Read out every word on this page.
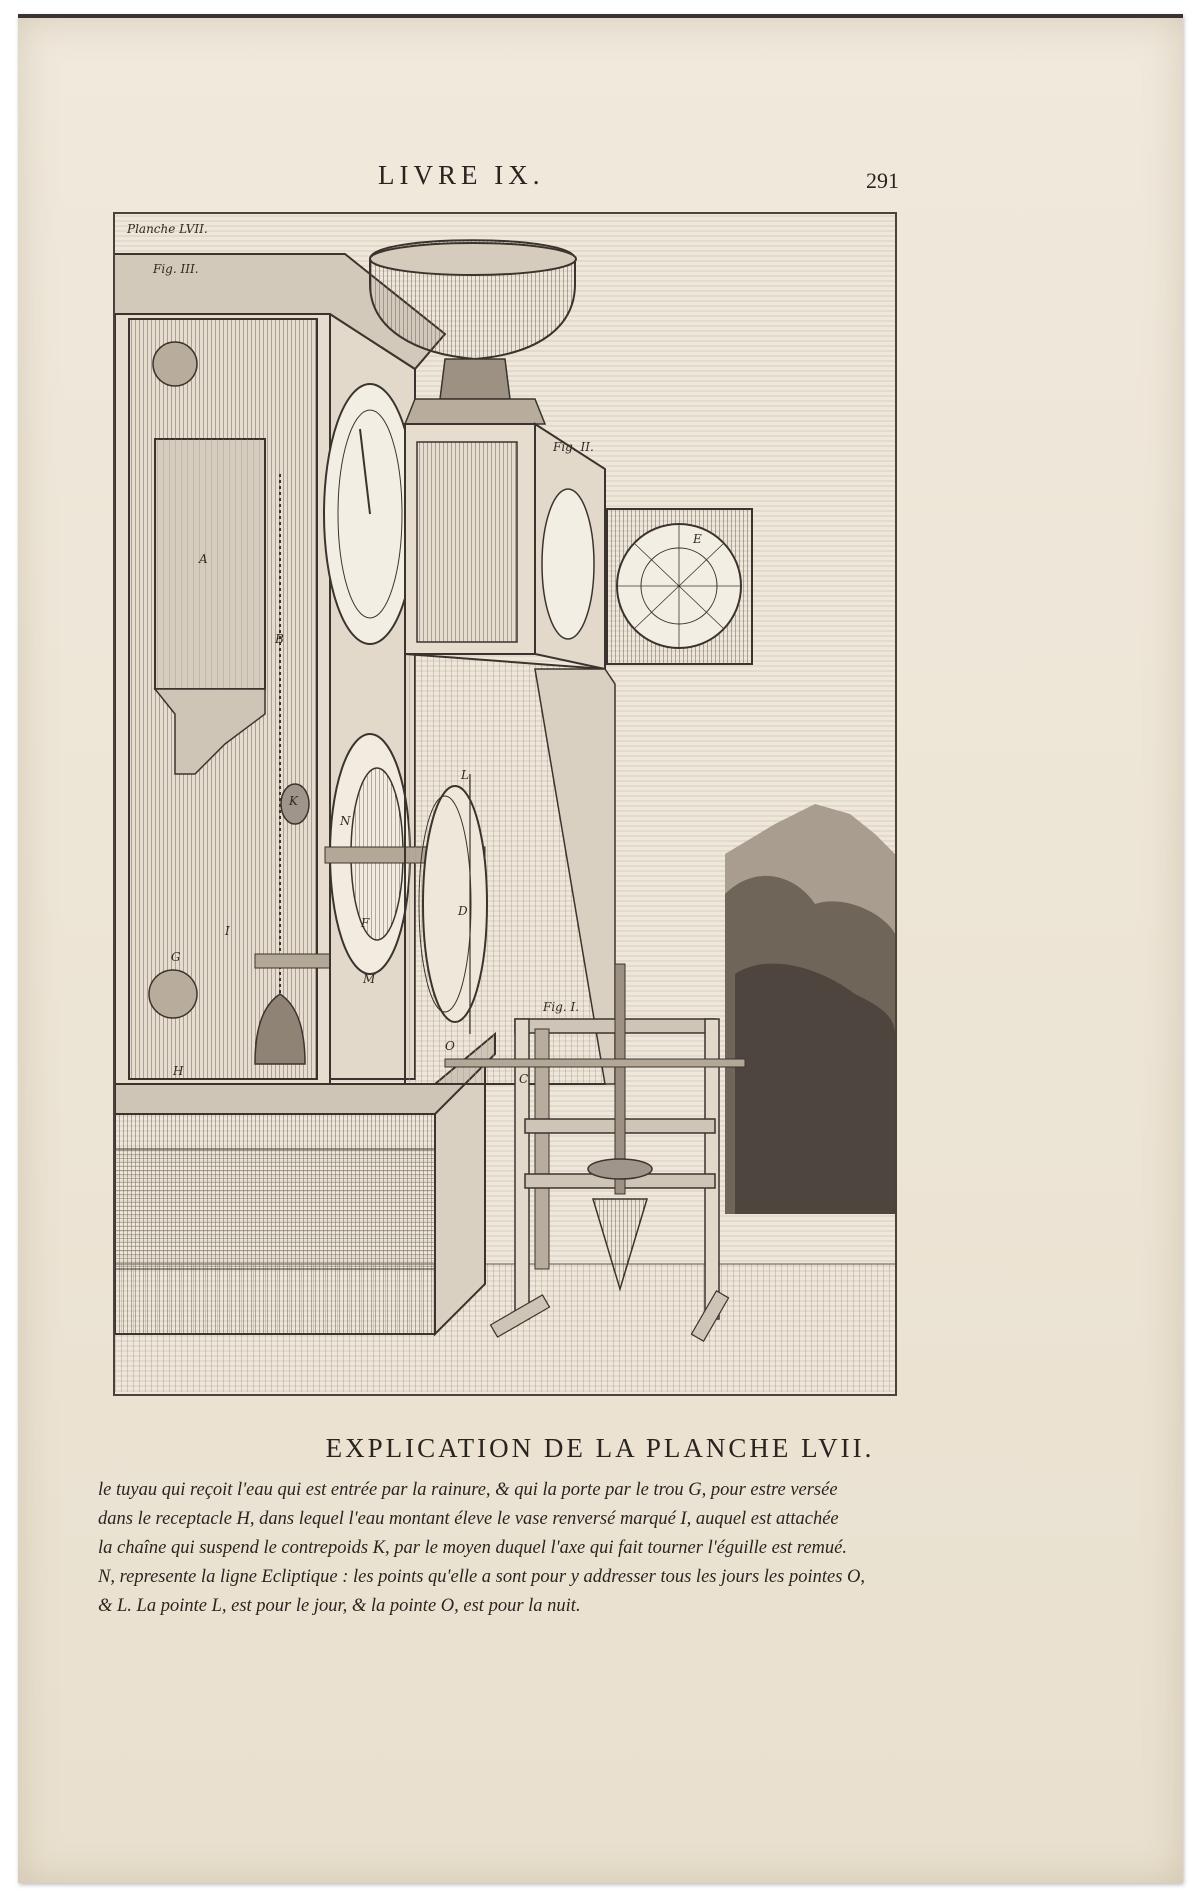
LIVRE IX.	291
Planche LVII.
Fig. III.
Fig. II.
Fig. I.
A
B
C
D
E
F
G
H
I
K
L
M
N
O
EXPLICATION DE LA PLANCHE LVII.
le tuyau qui reçoit l'eau qui est entrée par la rainure, & qui la porte par le trou G, pour estre versée
dans le receptacle H, dans lequel l'eau montant éleve le vase renversé marqué I, auquel est attachée
la chaîne qui suspend le contrepoids K, par le moyen duquel l'axe qui fait tourner l'éguille est remué.
N, represente la ligne Ecliptique : les points qu'elle a sont pour y addresser tous les jours les pointes O,
& L. La pointe L, est pour le jour, & la pointe O, est pour la nuit.
